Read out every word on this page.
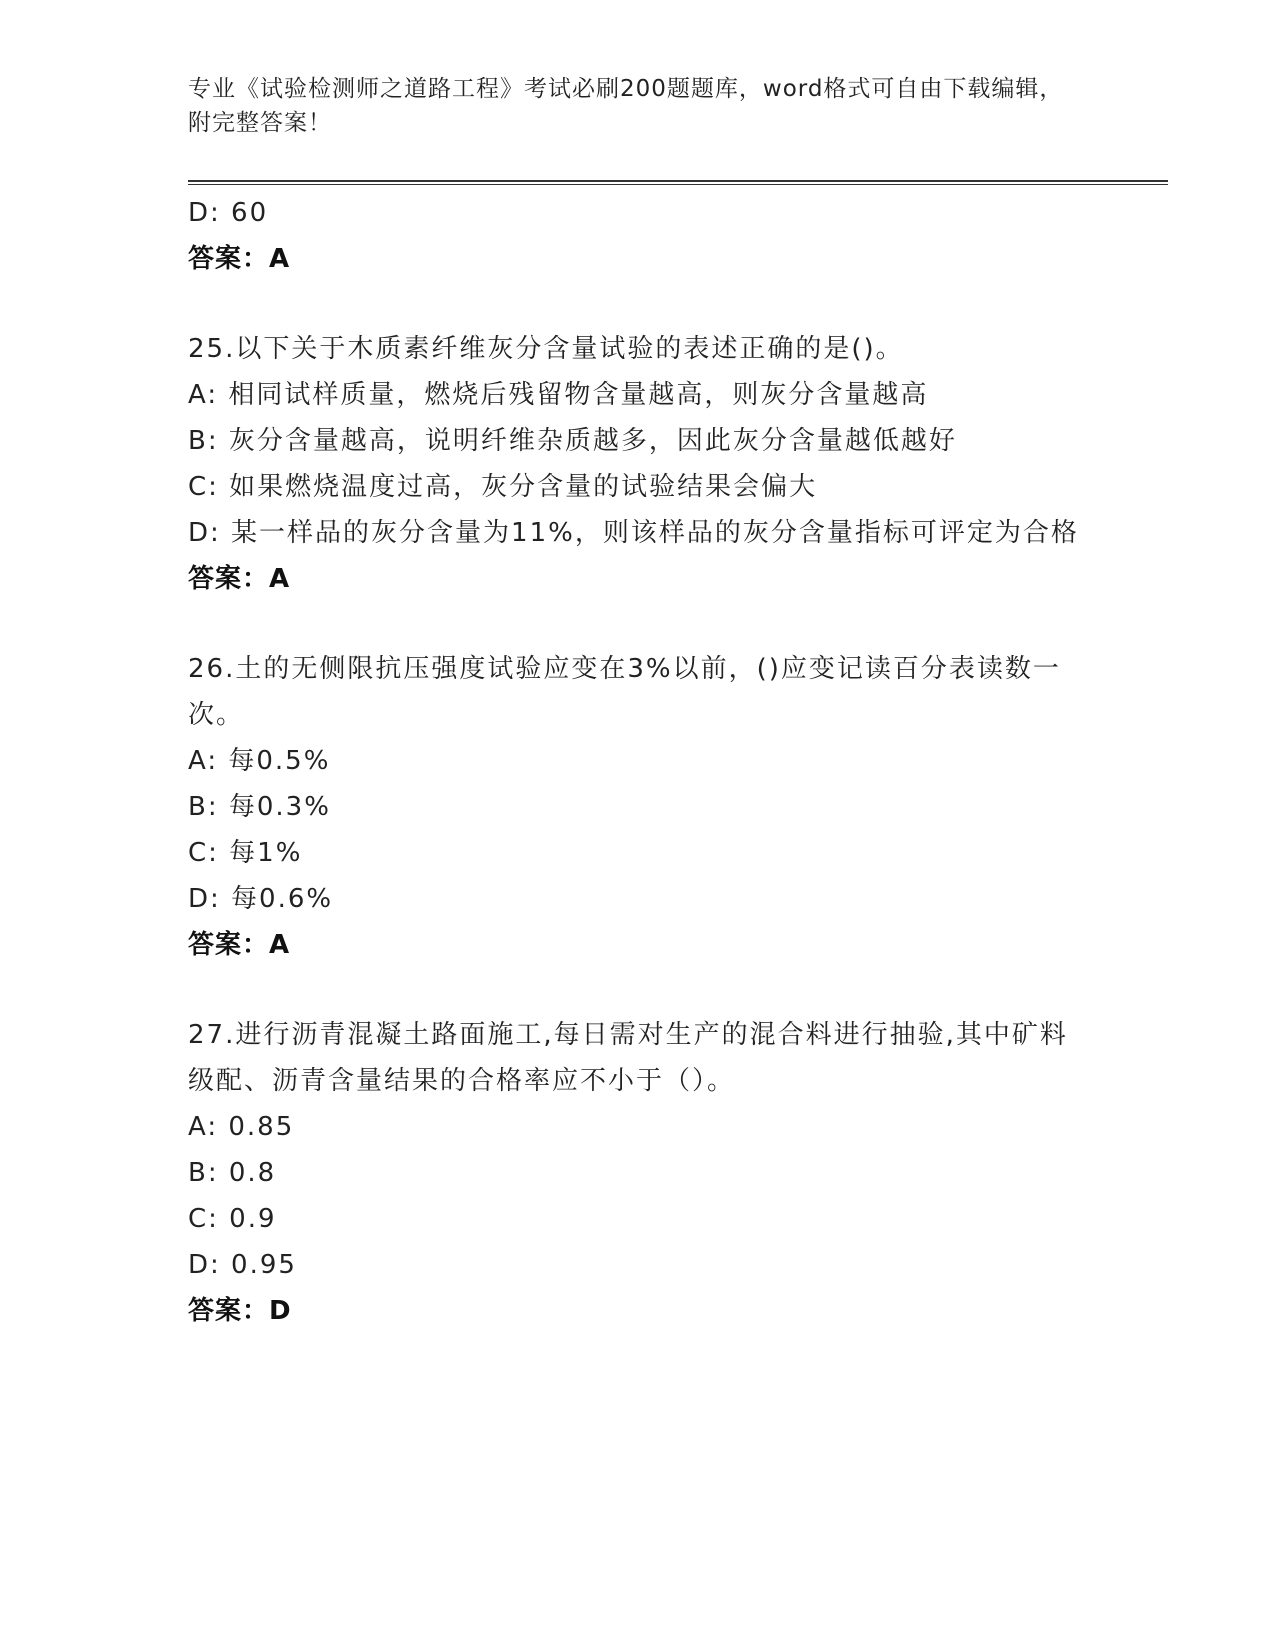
专业《试验检测师之道路工程》考试必刷200题题库，word格式可自由下载编辑，附完整答案！
D: 60
答案：A
25.以下关于木质素纤维灰分含量试验的表述正确的是()。
A: 相同试样质量，燃烧后残留物含量越高，则灰分含量越高
B: 灰分含量越高，说明纤维杂质越多，因此灰分含量越低越好
C: 如果燃烧温度过高，灰分含量的试验结果会偏大
D: 某一样品的灰分含量为11%，则该样品的灰分含量指标可评定为合格
答案：A
26.土的无侧限抗压强度试验应变在3%以前，()应变记读百分表读数一次。
A: 每0.5%
B: 每0.3%
C: 每1%
D: 每0.6%
答案：A
27.进行沥青混凝土路面施工,每日需对生产的混合料进行抽验,其中矿料级配、沥青含量结果的合格率应不小于（）。
A: 0.85
B: 0.8
C: 0.9
D: 0.95
答案：D
